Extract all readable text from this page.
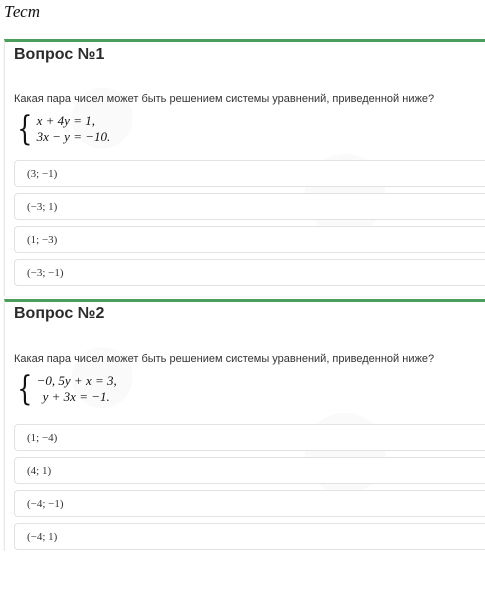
Тест
Вопрос №1
Какая пара чисел может быть решением системы уравнений, приведенной ниже?
{ x + 4y = 1,
3x − y = −10.
(3; −1)
(−3; 1)
(1; −3)
(−3; −1)
Вопрос №2
Какая пара чисел может быть решением системы уравнений, приведенной ниже?
{ −0, 5y + x = 3,
y + 3x = −1.
(1; −4)
(4; 1)
(−4; −1)
(−4; 1)
